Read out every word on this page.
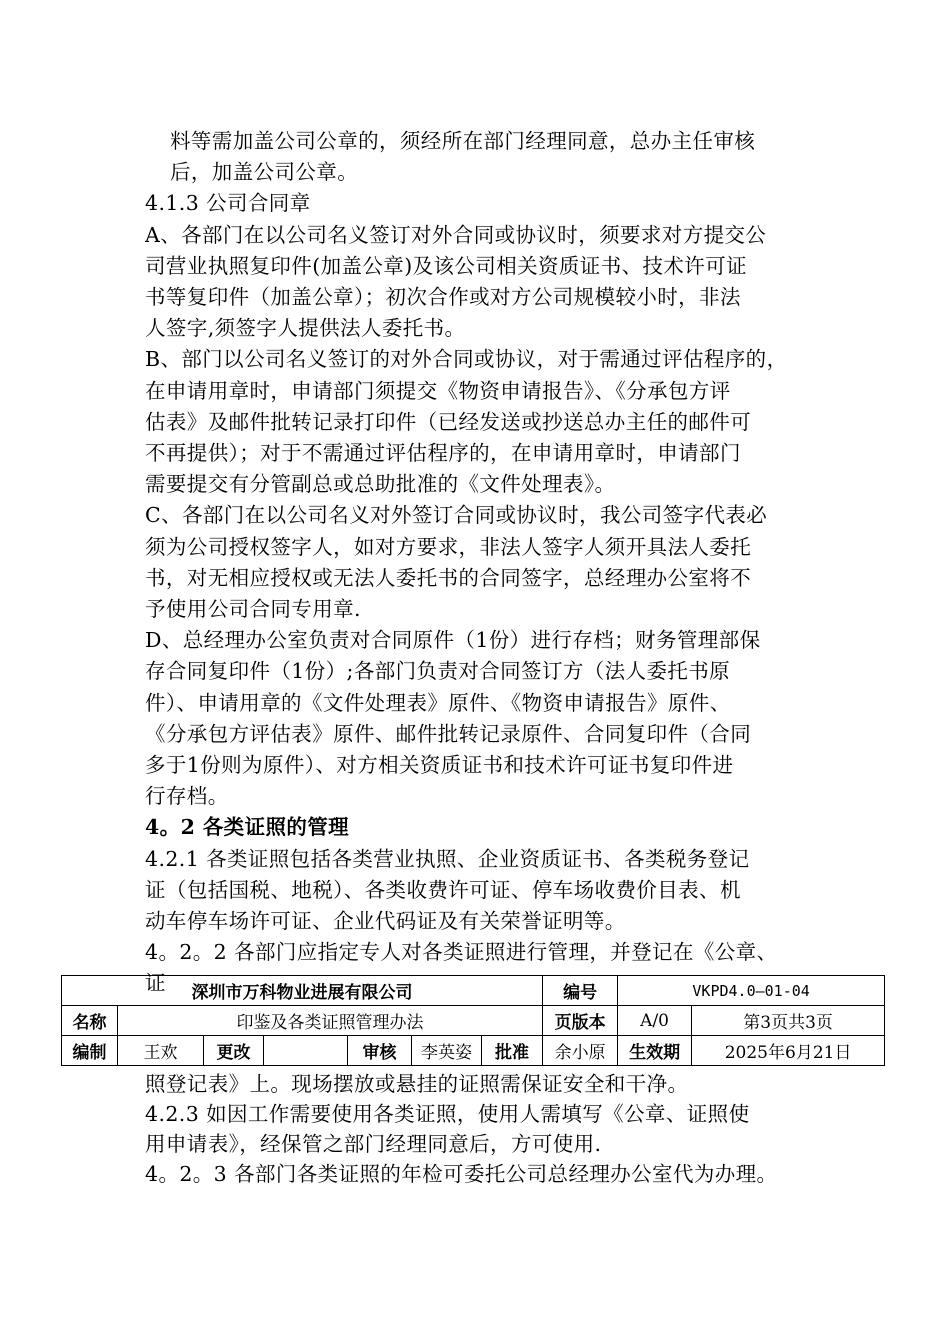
料等需加盖公司公章的，须经所在部门经理同意，总办主任审核
后，加盖公司公章。
4.1.3 公司合同章
A、各部门在以公司名义签订对外合同或协议时，须要求对方提交公
司营业执照复印件(加盖公章)及该公司相关资质证书、技术许可证
书等复印件（加盖公章）；初次合作或对方公司规模较小时，非法
人签字,须签字人提供法人委托书。
B、部门以公司名义签订的对外合同或协议，对于需通过评估程序的，
在申请用章时，申请部门须提交《物资申请报告》、《分承包方评
估表》及邮件批转记录打印件（已经发送或抄送总办主任的邮件可
不再提供）；对于不需通过评估程序的，在申请用章时，申请部门
需要提交有分管副总或总助批准的《文件处理表》。
C、各部门在以公司名义对外签订合同或协议时，我公司签字代表必
须为公司授权签字人，如对方要求，非法人签字人须开具法人委托
书，对无相应授权或无法人委托书的合同签字，总经理办公室将不
予使用公司合同专用章.
D、总经理办公室负责对合同原件（1份）进行存档；财务管理部保
存合同复印件（1份）;各部门负责对合同签订方（法人委托书原
件）、申请用章的《文件处理表》原件、《物资申请报告》原件、
《分承包方评估表》原件、邮件批转记录原件、合同复印件（合同
多于1份则为原件）、对方相关资质证书和技术许可证书复印件进
行存档。
4。2 各类证照的管理
4.2.1 各类证照包括各类营业执照、企业资质证书、各类税务登记
证（包括国税、地税）、各类收费许可证、停车场收费价目表、机
动车停车场许可证、企业代码证及有关荣誉证明等。
4。2。2 各部门应指定专人对各类证照进行管理，并登记在《公章、
证 深圳市万科物业进展有限公司							编号	VKPD4.0—01-04	
名称	印鉴及各类证照管理办法						页版本	A/0	第3页共3页
编制	王欢	更改		审核	李英姿	批准	余小原	生效期	2025年6月21日
照登记表》上。现场摆放或悬挂的证照需保证安全和干净。
4.2.3 如因工作需要使用各类证照，使用人需填写《公章、证照使
用申请表》，经保管之部门经理同意后，方可使用.
4。2。3 各部门各类证照的年检可委托公司总经理办公室代为办理。
